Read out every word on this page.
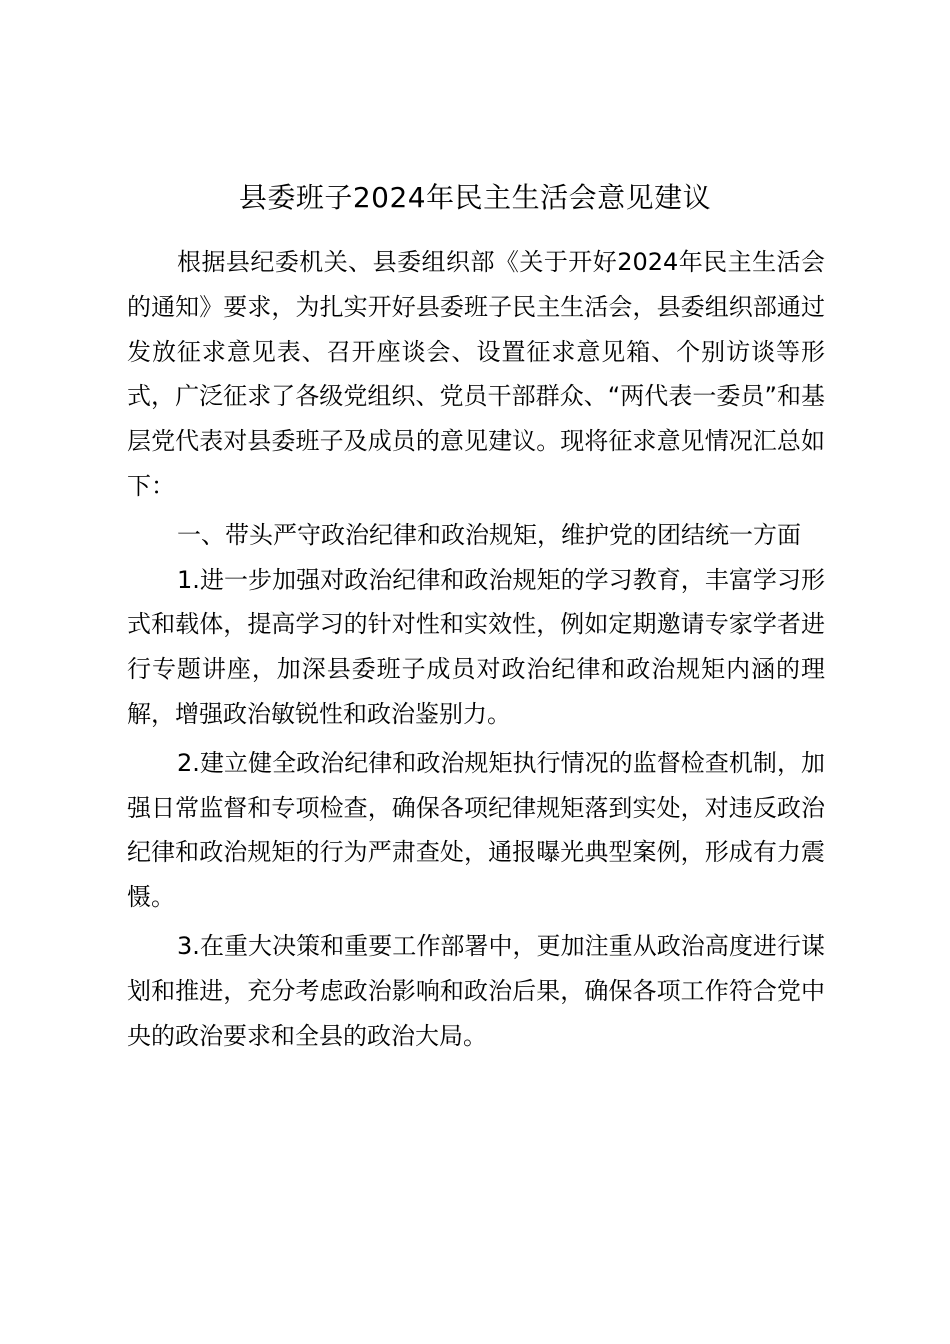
县委班子2024年民主生活会意见建议

根据县纪委机关、县委组织部《关于开好2024年民主生活会的通知》要求，为扎实开好县委班子民主生活会，县委组织部通过发放征求意见表、召开座谈会、设置征求意见箱、个别访谈等形式，广泛征求了各级党组织、党员干部群众、“两代表一委员”和基层党代表对县委班子及成员的意见建议。现将征求意见情况汇总如下：

一、带头严守政治纪律和政治规矩，维护党的团结统一方面

1.进一步加强对政治纪律和政治规矩的学习教育，丰富学习形式和载体，提高学习的针对性和实效性，例如定期邀请专家学者进行专题讲座，加深县委班子成员对政治纪律和政治规矩内涵的理解，增强政治敏锐性和政治鉴别力。

2.建立健全政治纪律和政治规矩执行情况的监督检查机制，加强日常监督和专项检查，确保各项纪律规矩落到实处，对违反政治纪律和政治规矩的行为严肃查处，通报曝光典型案例，形成有力震慑。

3.在重大决策和重要工作部署中，更加注重从政治高度进行谋划和推进，充分考虑政治影响和政治后果，确保各项工作符合党中央的政治要求和全县的政治大局。
